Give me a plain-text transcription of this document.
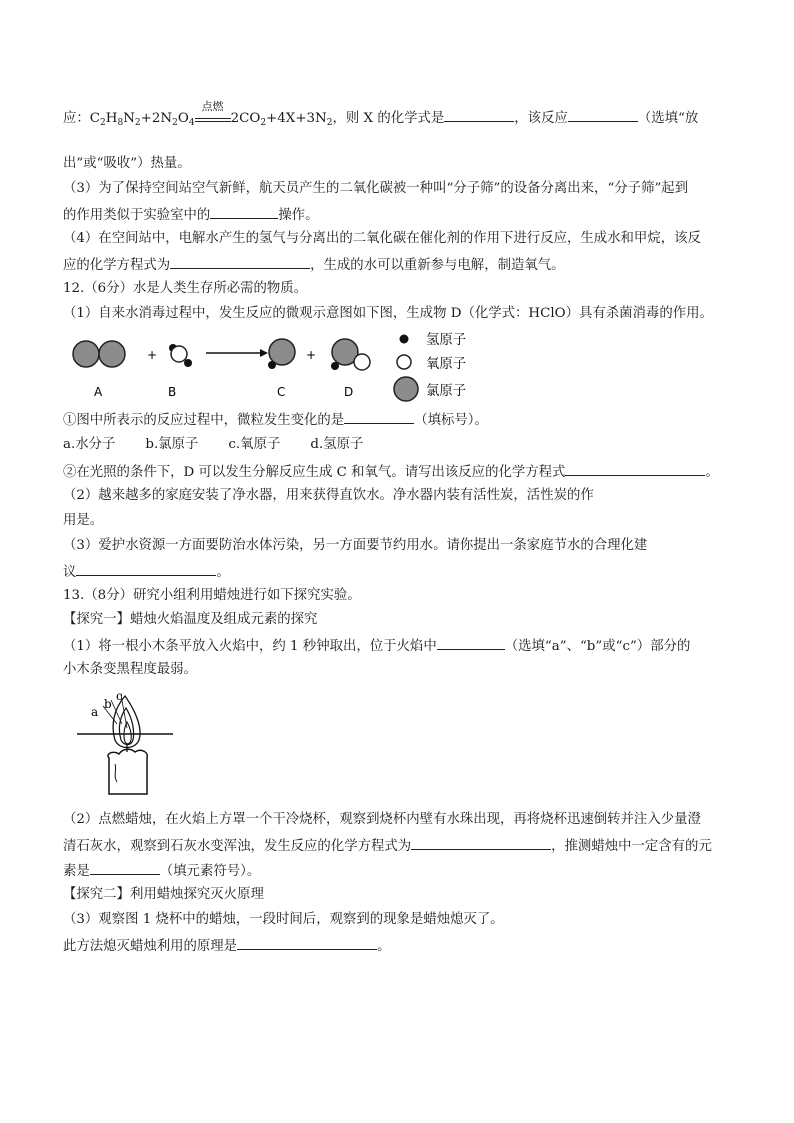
应：$C_2H_8N_2+2N_2O_4$
点燃
$2CO_2+4X+3N_2$，则 X 的化学式是	，该反应	（选填“放
出”或“吸收”）热量。
（3）为了保持空间站空气新鲜，航天员产生的二氧化碳被一种叫“分子筛”的设备分离出来，“分子筛”起到
的作用类似于实验室中的	操作。
（4）在空间站中，电解水产生的氢气与分离出的二氧化碳在催化剂的作用下进行反应，生成水和甲烷，该反
应的化学方程式为	，生成的水可以重新参与电解，制造氧气。
12.（6分）水是人类生存所必需的物质。
（1）自来水消毒过程中，发生反应的微观示意图如下图，生成物 D（化学式：HClO）具有杀菌消毒的作用。
+	+
A	B	C	D
氢原子
氧原子
氯原子
①图中所表示的反应过程中，微粒发生变化的是	（填标号）。
a.水分子 b.氯原子 c.氧原子 d.氢原子
②在光照的条件下，D 可以发生分解反应生成 C 和氧气。请写出该反应的化学方程式	。
（2）越来越多的家庭安装了净水器，用来获得直饮水。净水器内装有活性炭，活性炭的作
用是。
（3）爱护水资源一方面要防治水体污染，另一方面要节约用水。请你提出一条家庭节水的合理化建
议	。
13.（8分）研究小组利用蜡烛进行如下探究实验。
【探究一】蜡烛火焰温度及组成元素的探究
（1）将一根小木条平放入火焰中，约 1 秒钟取出，位于火焰中	（选填“a”、“b”或“c”）部分的
小木条变黑程度最弱。
a
b
c
（2）点燃蜡烛，在火焰上方罩一个干冷烧杯，观察到烧杯内壁有水珠出现，再将烧杯迅速倒转并注入少量澄
清石灰水，观察到石灰水变浑浊，发生反应的化学方程式为	，推测蜡烛中一定含有的元
素是	（填元素符号）。
【探究二】利用蜡烛探究灭火原理
（3）观察图 1 烧杯中的蜡烛，一段时间后，观察到的现象是蜡烛熄灭了。
此方法熄灭蜡烛利用的原理是	。
